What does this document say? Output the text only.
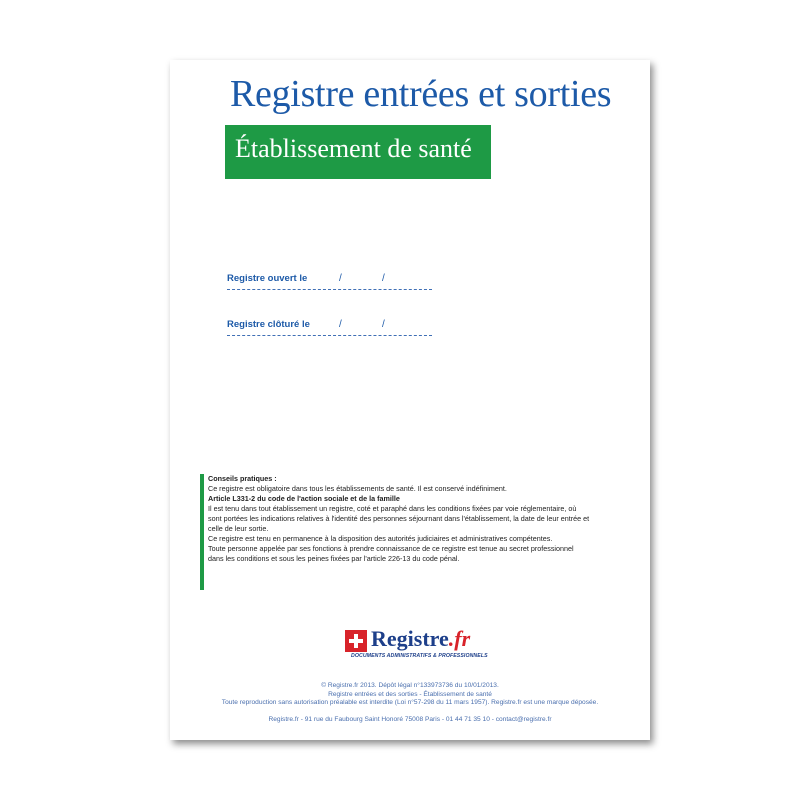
Registre entrées et sorties
Établissement de santé
Registre ouvert le	/	/
Registre clôturé le	/	/
Conseils pratiques :
Ce registre est obligatoire dans tous les établissements de santé. Il est conservé indéfiniment.
Article L331-2 du code de l'action sociale et de la famille
Il est tenu dans tout établissement un registre, coté et paraphé dans les conditions fixées par voie réglementaire, où
sont portées les indications relatives à l'identité des personnes séjournant dans l'établissement, la date de leur entrée et
celle de leur sortie.
Ce registre est tenu en permanence à la disposition des autorités judiciaires et administratives compétentes.
Toute personne appelée par ses fonctions à prendre connaissance de ce registre est tenue au secret professionnel
dans les conditions et sous les peines fixées par l'article 226-13 du code pénal.
Registre.fr
DOCUMENTS ADMINISTRATIFS & PROFESSIONNELS
© Registre.fr 2013. Dépôt légal n°133973736 du 10/01/2013.
Registre entrées et des sorties - Établissement de santé
Toute reproduction sans autorisation préalable est interdite (Loi n°57-298 du 11 mars 1957). Registre.fr est une marque déposée.
Registre.fr - 91 rue du Faubourg Saint Honoré 75008 Paris - 01 44 71 35 10 - contact@registre.fr
